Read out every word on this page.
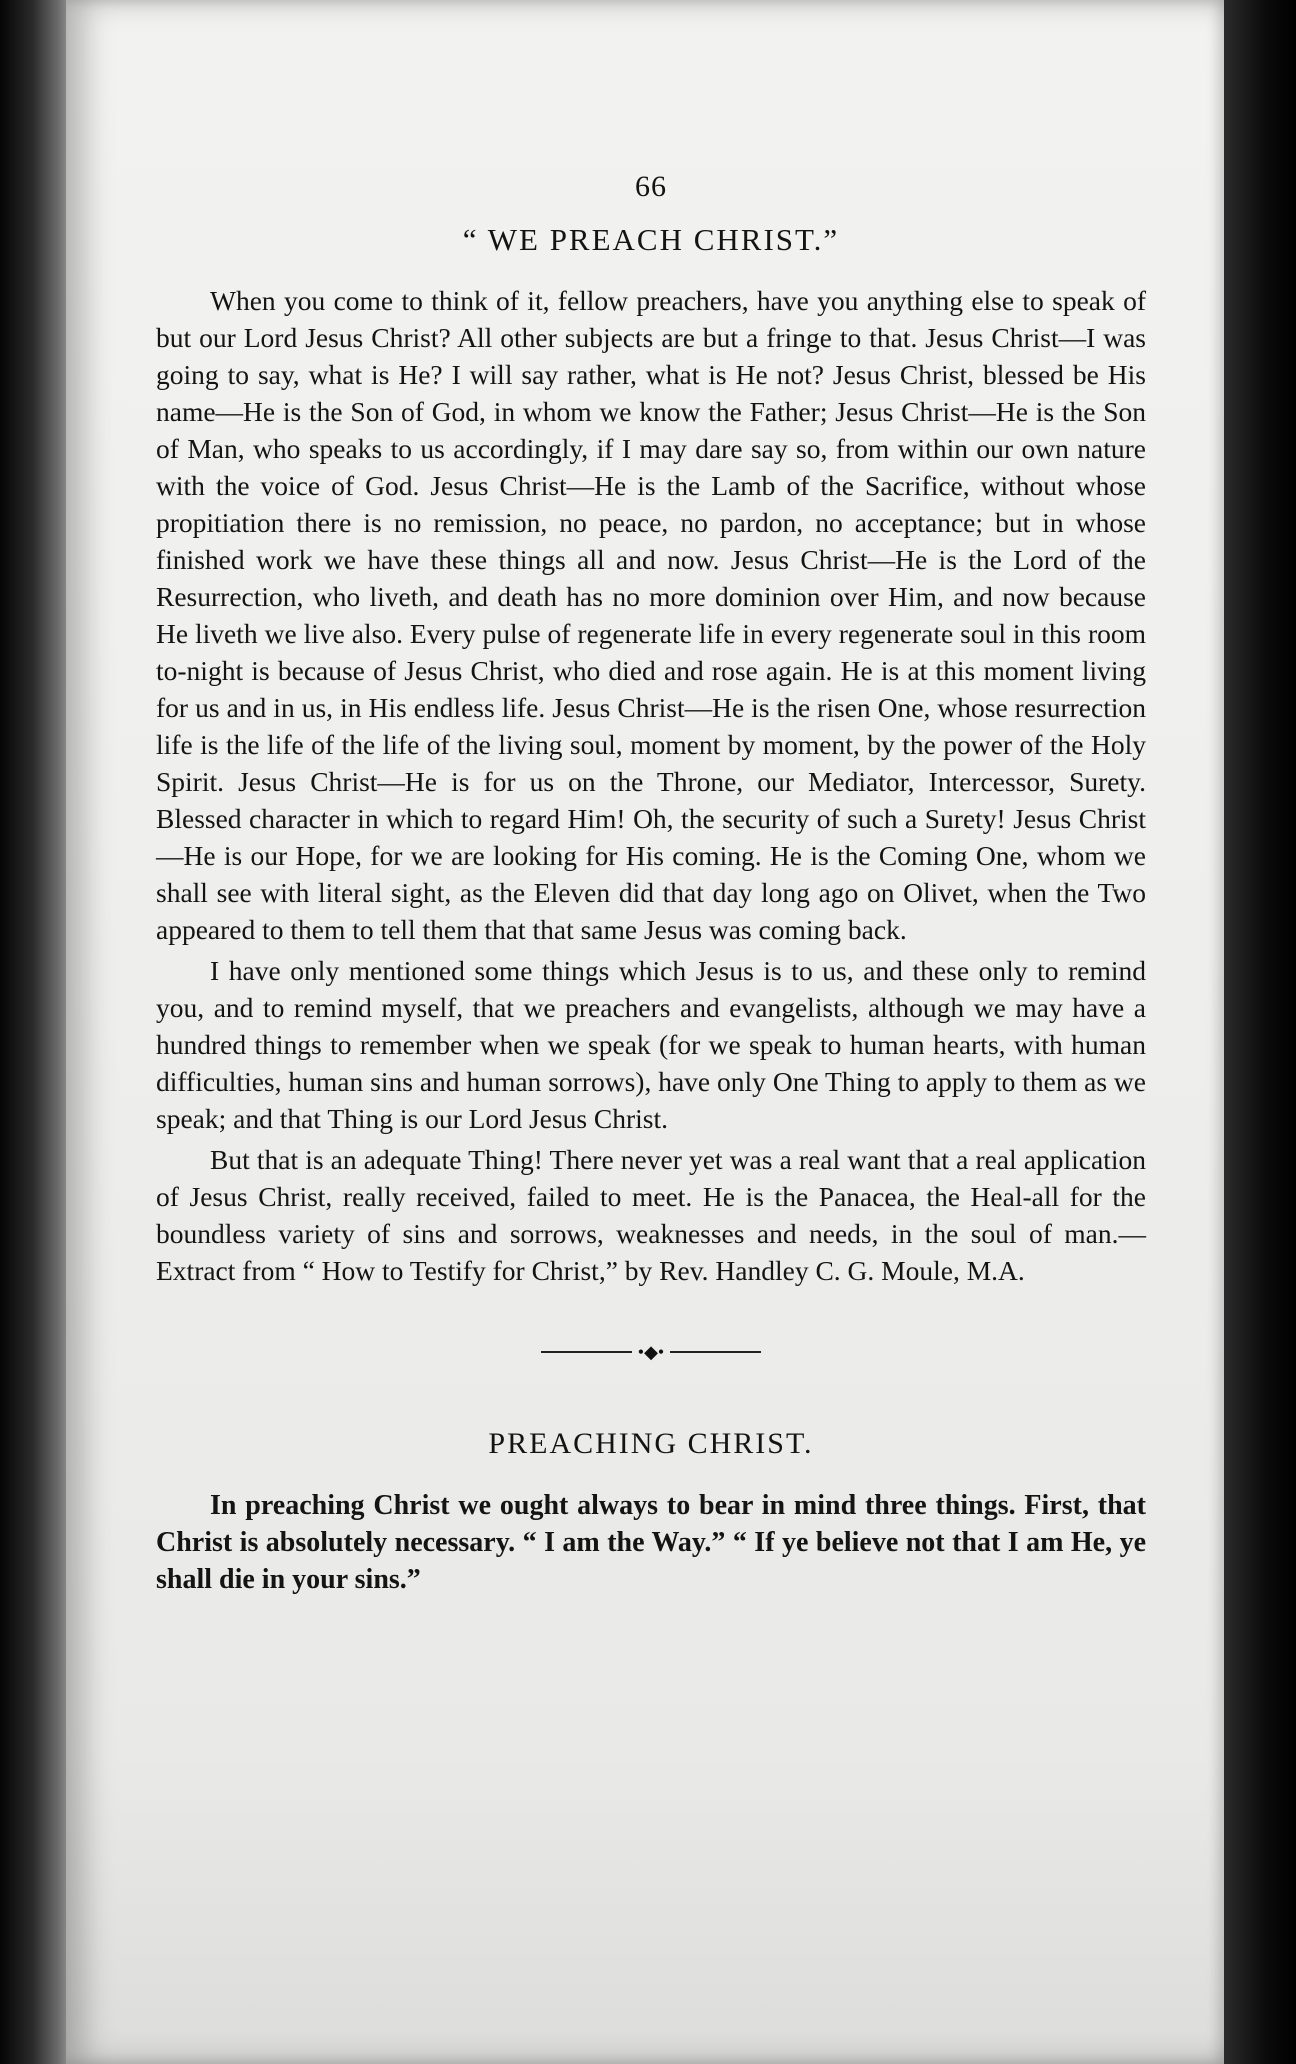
66
“ WE PREACH CHRIST.”

When you come to think of it, fellow preachers, have you anything else to speak of but our Lord Jesus Christ? All other subjects are but a fringe to that. Jesus Christ—I was going to say, what is He? I will say rather, what is He not? Jesus Christ, blessed be His name—He is the Son of God, in whom we know the Father; Jesus Christ—He is the Son of Man, who speaks to us accordingly, if I may dare say so, from within our own nature with the voice of God. Jesus Christ—He is the Lamb of the Sacrifice, without whose propitiation there is no remission, no peace, no pardon, no acceptance; but in whose finished work we have these things all and now. Jesus Christ—He is the Lord of the Resurrection, who liveth, and death has no more dominion over Him, and now because He liveth we live also. Every pulse of regenerate life in every regenerate soul in this room to-night is because of Jesus Christ, who died and rose again. He is at this moment living for us and in us, in His endless life. Jesus Christ—He is the risen One, whose resurrection life is the life of the life of the living soul, moment by moment, by the power of the Holy Spirit. Jesus Christ—He is for us on the Throne, our Mediator, Intercessor, Surety. Blessed character in which to regard Him! Oh, the security of such a Surety! Jesus Christ—He is our Hope, for we are looking for His coming. He is the Coming One, whom we shall see with literal sight, as the Eleven did that day long ago on Olivet, when the Two appeared to them to tell them that that same Jesus was coming back.

I have only mentioned some things which Jesus is to us, and these only to remind you, and to remind myself, that we preachers and evangelists, although we may have a hundred things to remember when we speak (for we speak to human hearts, with human difficulties, human sins and human sorrows), have only One Thing to apply to them as we speak; and that Thing is our Lord Jesus Christ.

But that is an adequate Thing! There never yet was a real want that a real application of Jesus Christ, really received, failed to meet. He is the Panacea, the Heal-all for the boundless variety of sins and sorrows, weaknesses and needs, in the soul of man.—Extract from “ How to Testify for Christ,” by Rev. Handley C. G. Moule, M.A.

•◆•
PREACHING CHRIST.

In preaching Christ we ought always to bear in mind three things. First, that Christ is absolutely necessary. “ I am the Way.” “ If ye believe not that I am He, ye shall die in your sins.”
